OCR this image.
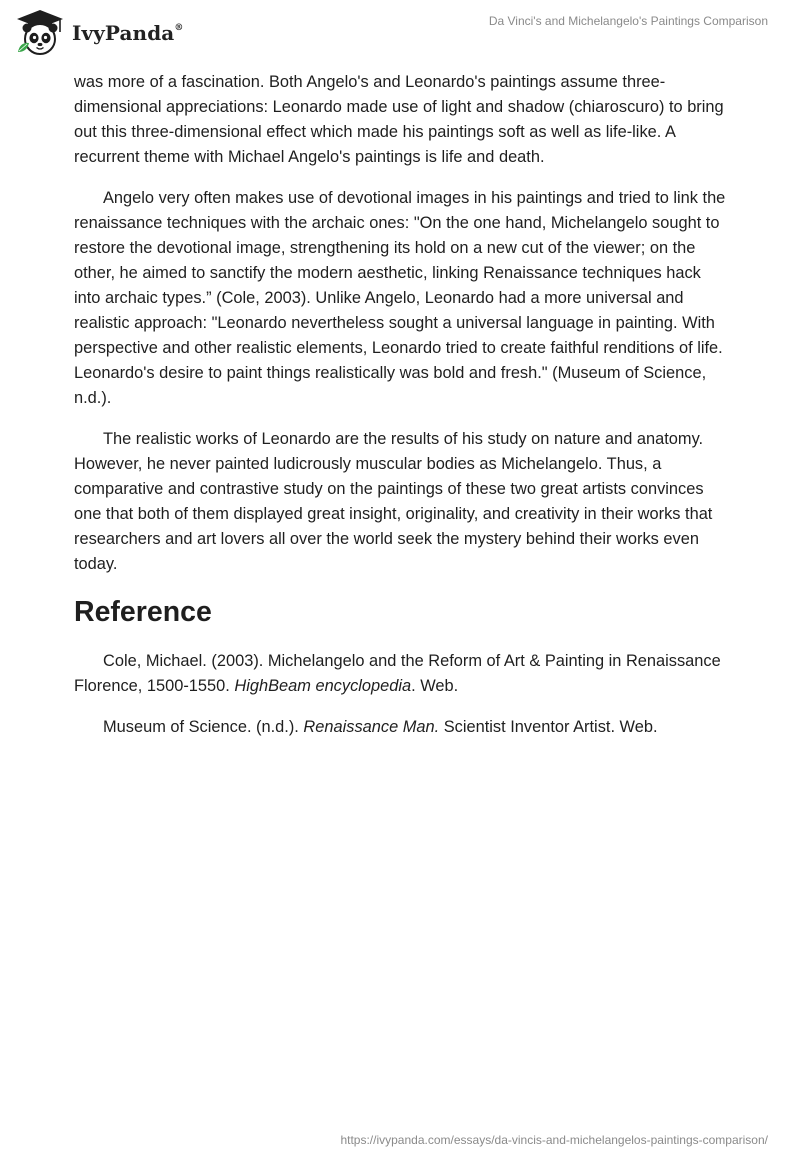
IvyPanda®
Da Vinci's and Michelangelo's Paintings Comparison

was more of a fascination. Both Angelo's and Leonardo's paintings assume three-dimensional appreciations: Leonardo made use of light and shadow (chiaroscuro) to bring out this three-dimensional effect which made his paintings soft as well as life-like. A recurrent theme with Michael Angelo's paintings is life and death.

Angelo very often makes use of devotional images in his paintings and tried to link the renaissance techniques with the archaic ones: "On the one hand, Michelangelo sought to restore the devotional image, strengthening its hold on a new cut of the viewer; on the other, he aimed to sanctify the modern aesthetic, linking Renaissance techniques hack into archaic types.” (Cole, 2003). Unlike Angelo, Leonardo had a more universal and realistic approach: "Leonardo nevertheless sought a universal language in painting. With perspective and other realistic elements, Leonardo tried to create faithful renditions of life. Leonardo's desire to paint things realistically was bold and fresh." (Museum of Science, n.d.).

The realistic works of Leonardo are the results of his study on nature and anatomy. However, he never painted ludicrously muscular bodies as Michelangelo. Thus, a comparative and contrastive study on the paintings of these two great artists convinces one that both of them displayed great insight, originality, and creativity in their works that researchers and art lovers all over the world seek the mystery behind their works even today.

Reference

Cole, Michael. (2003). Michelangelo and the Reform of Art & Painting in Renaissance Florence, 1500-1550. HighBeam encyclopedia. Web.

Museum of Science. (n.d.). Renaissance Man. Scientist Inventor Artist. Web.

https://ivypanda.com/essays/da-vincis-and-michelangelos-paintings-comparison/
